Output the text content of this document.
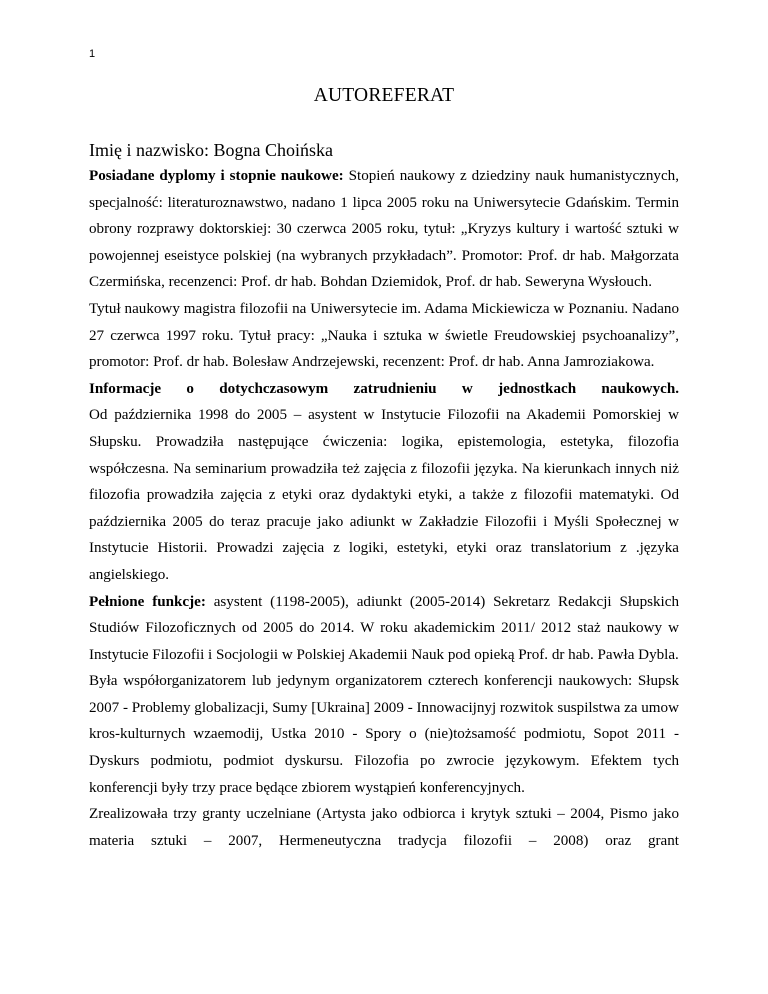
1
AUTOREFERAT
Imię i nazwisko: Bogna Choińska

Posiadane dyplomy i stopnie naukowe: Stopień naukowy z dziedziny nauk humanistycznych, specjalność: literaturoznawstwo, nadano 1 lipca 2005 roku na Uniwersytecie Gdańskim. Termin obrony rozprawy doktorskiej: 30 czerwca 2005 roku, tytuł: „Kryzys kultury i wartość sztuki w powojennej eseistyce polskiej (na wybranych przykładach”. Promotor: Prof. dr hab. Małgorzata Czermińska, recenzenci: Prof. dr hab. Bohdan Dziemidok, Prof. dr hab. Seweryna Wysłouch.

Tytuł naukowy magistra filozofii na Uniwersytecie im. Adama Mickiewicza w Poznaniu. Nadano 27 czerwca 1997 roku. Tytuł pracy: „Nauka i sztuka w świetle Freudowskiej psychoanalizy”, promotor: Prof. dr hab. Bolesław Andrzejewski, recenzent: Prof. dr hab. Anna Jamroziakowa.

Informacje o dotychczasowym zatrudnieniu w jednostkach naukowych.

Od października 1998 do 2005 – asystent w Instytucie Filozofii na Akademii Pomorskiej w Słupsku. Prowadziła następujące ćwiczenia: logika, epistemologia, estetyka, filozofia współczesna. Na seminarium prowadziła też zajęcia z filozofii języka. Na kierunkach innych niż filozofia prowadziła zajęcia z etyki oraz dydaktyki etyki, a także z filozofii matematyki. Od października 2005 do teraz pracuje jako adiunkt w Zakładzie Filozofii i Myśli Społecznej w Instytucie Historii. Prowadzi zajęcia z logiki, estetyki, etyki oraz translatorium z .języka angielskiego.

Pełnione funkcje: asystent (1198-2005), adiunkt (2005-2014) Sekretarz Redakcji Słupskich Studiów Filozoficznych od 2005 do 2014. W roku akademickim 2011/ 2012 staż naukowy w Instytucie Filozofii i Socjologii w Polskiej Akademii Nauk pod opieką Prof. dr hab. Pawła Dybla.

Była współorganizatorem lub jedynym organizatorem czterech konferencji naukowych: Słupsk 2007 - Problemy globalizacji, Sumy [Ukraina] 2009 - Innowacijnyj rozwitok suspilstwa za umow kros-kulturnych wzaemodij, Ustka 2010 - Spory o (nie)tożsamość podmiotu, Sopot 2011 - Dyskurs podmiotu, podmiot dyskursu. Filozofia po zwrocie językowym. Efektem tych konferencji były trzy prace będące zbiorem wystąpień konferencyjnych.

Zrealizowała trzy granty uczelniane (Artysta jako odbiorca i krytyk sztuki – 2004, Pismo jako materia sztuki – 2007, Hermeneutyczna tradycja filozofii – 2008) oraz grant
